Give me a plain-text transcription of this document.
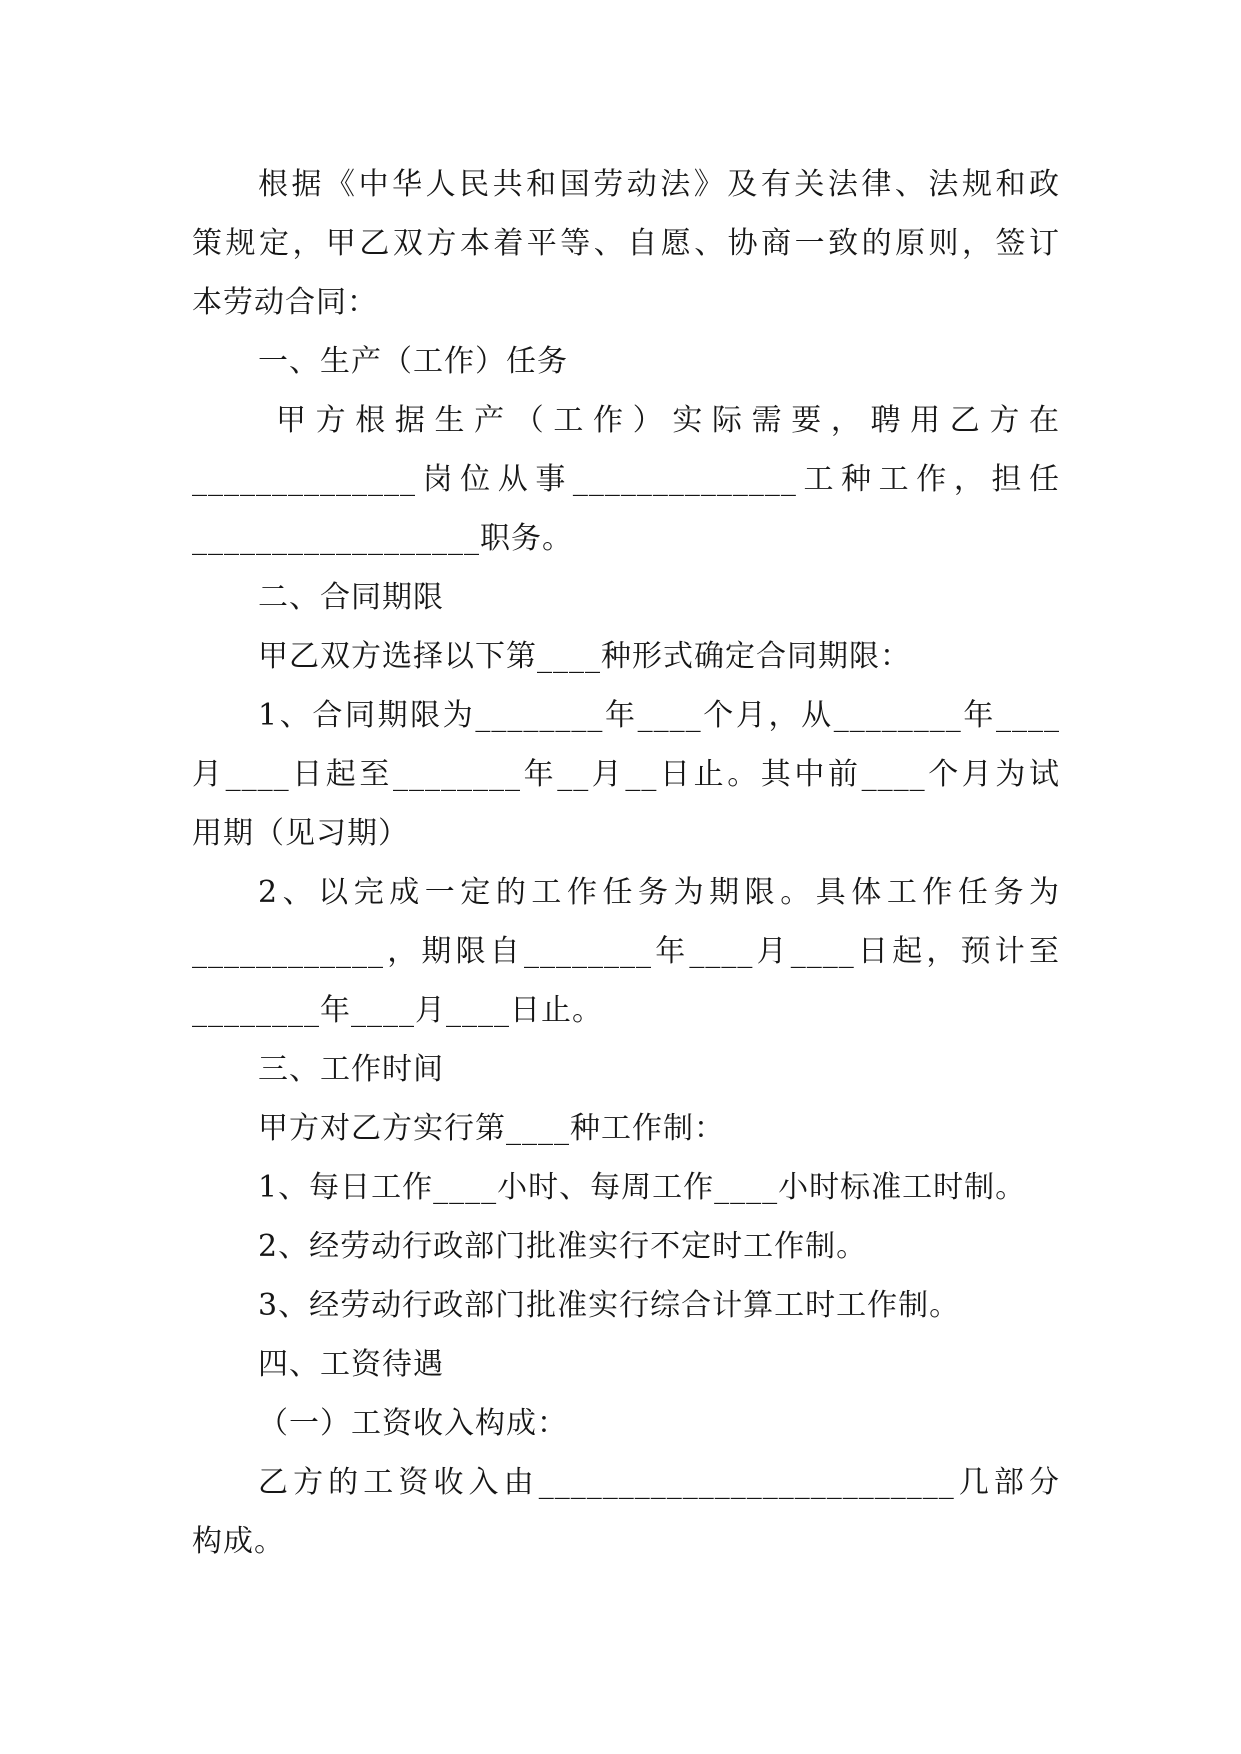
根据《中华人民共和国劳动法》及有关法律、法规和政
策规定，甲乙双方本着平等、自愿、协商一致的原则，签订
本劳动合同：
一、生产（工作）任务
甲方根据生产（工作）实际需要，聘用乙方在
______________岗位从事______________工种工作，担任
__________________职务。
二、合同期限
甲乙双方选择以下第____种形式确定合同期限：
1、合同期限为________年____个月，从________年____
月____日起至________年__月__日止。其中前____个月为试
用期（见习期）
2、以完成一定的工作任务为期限。具体工作任务为
____________，期限自________年____月____日起，预计至
________年____月____日止。
三、工作时间
甲方对乙方实行第____种工作制：
1、每日工作____小时、每周工作____小时标准工时制。
2、经劳动行政部门批准实行不定时工作制。
3、经劳动行政部门批准实行综合计算工时工作制。
四、工资待遇
（一）工资收入构成：
乙方的工资收入由__________________________几部分
构成。
